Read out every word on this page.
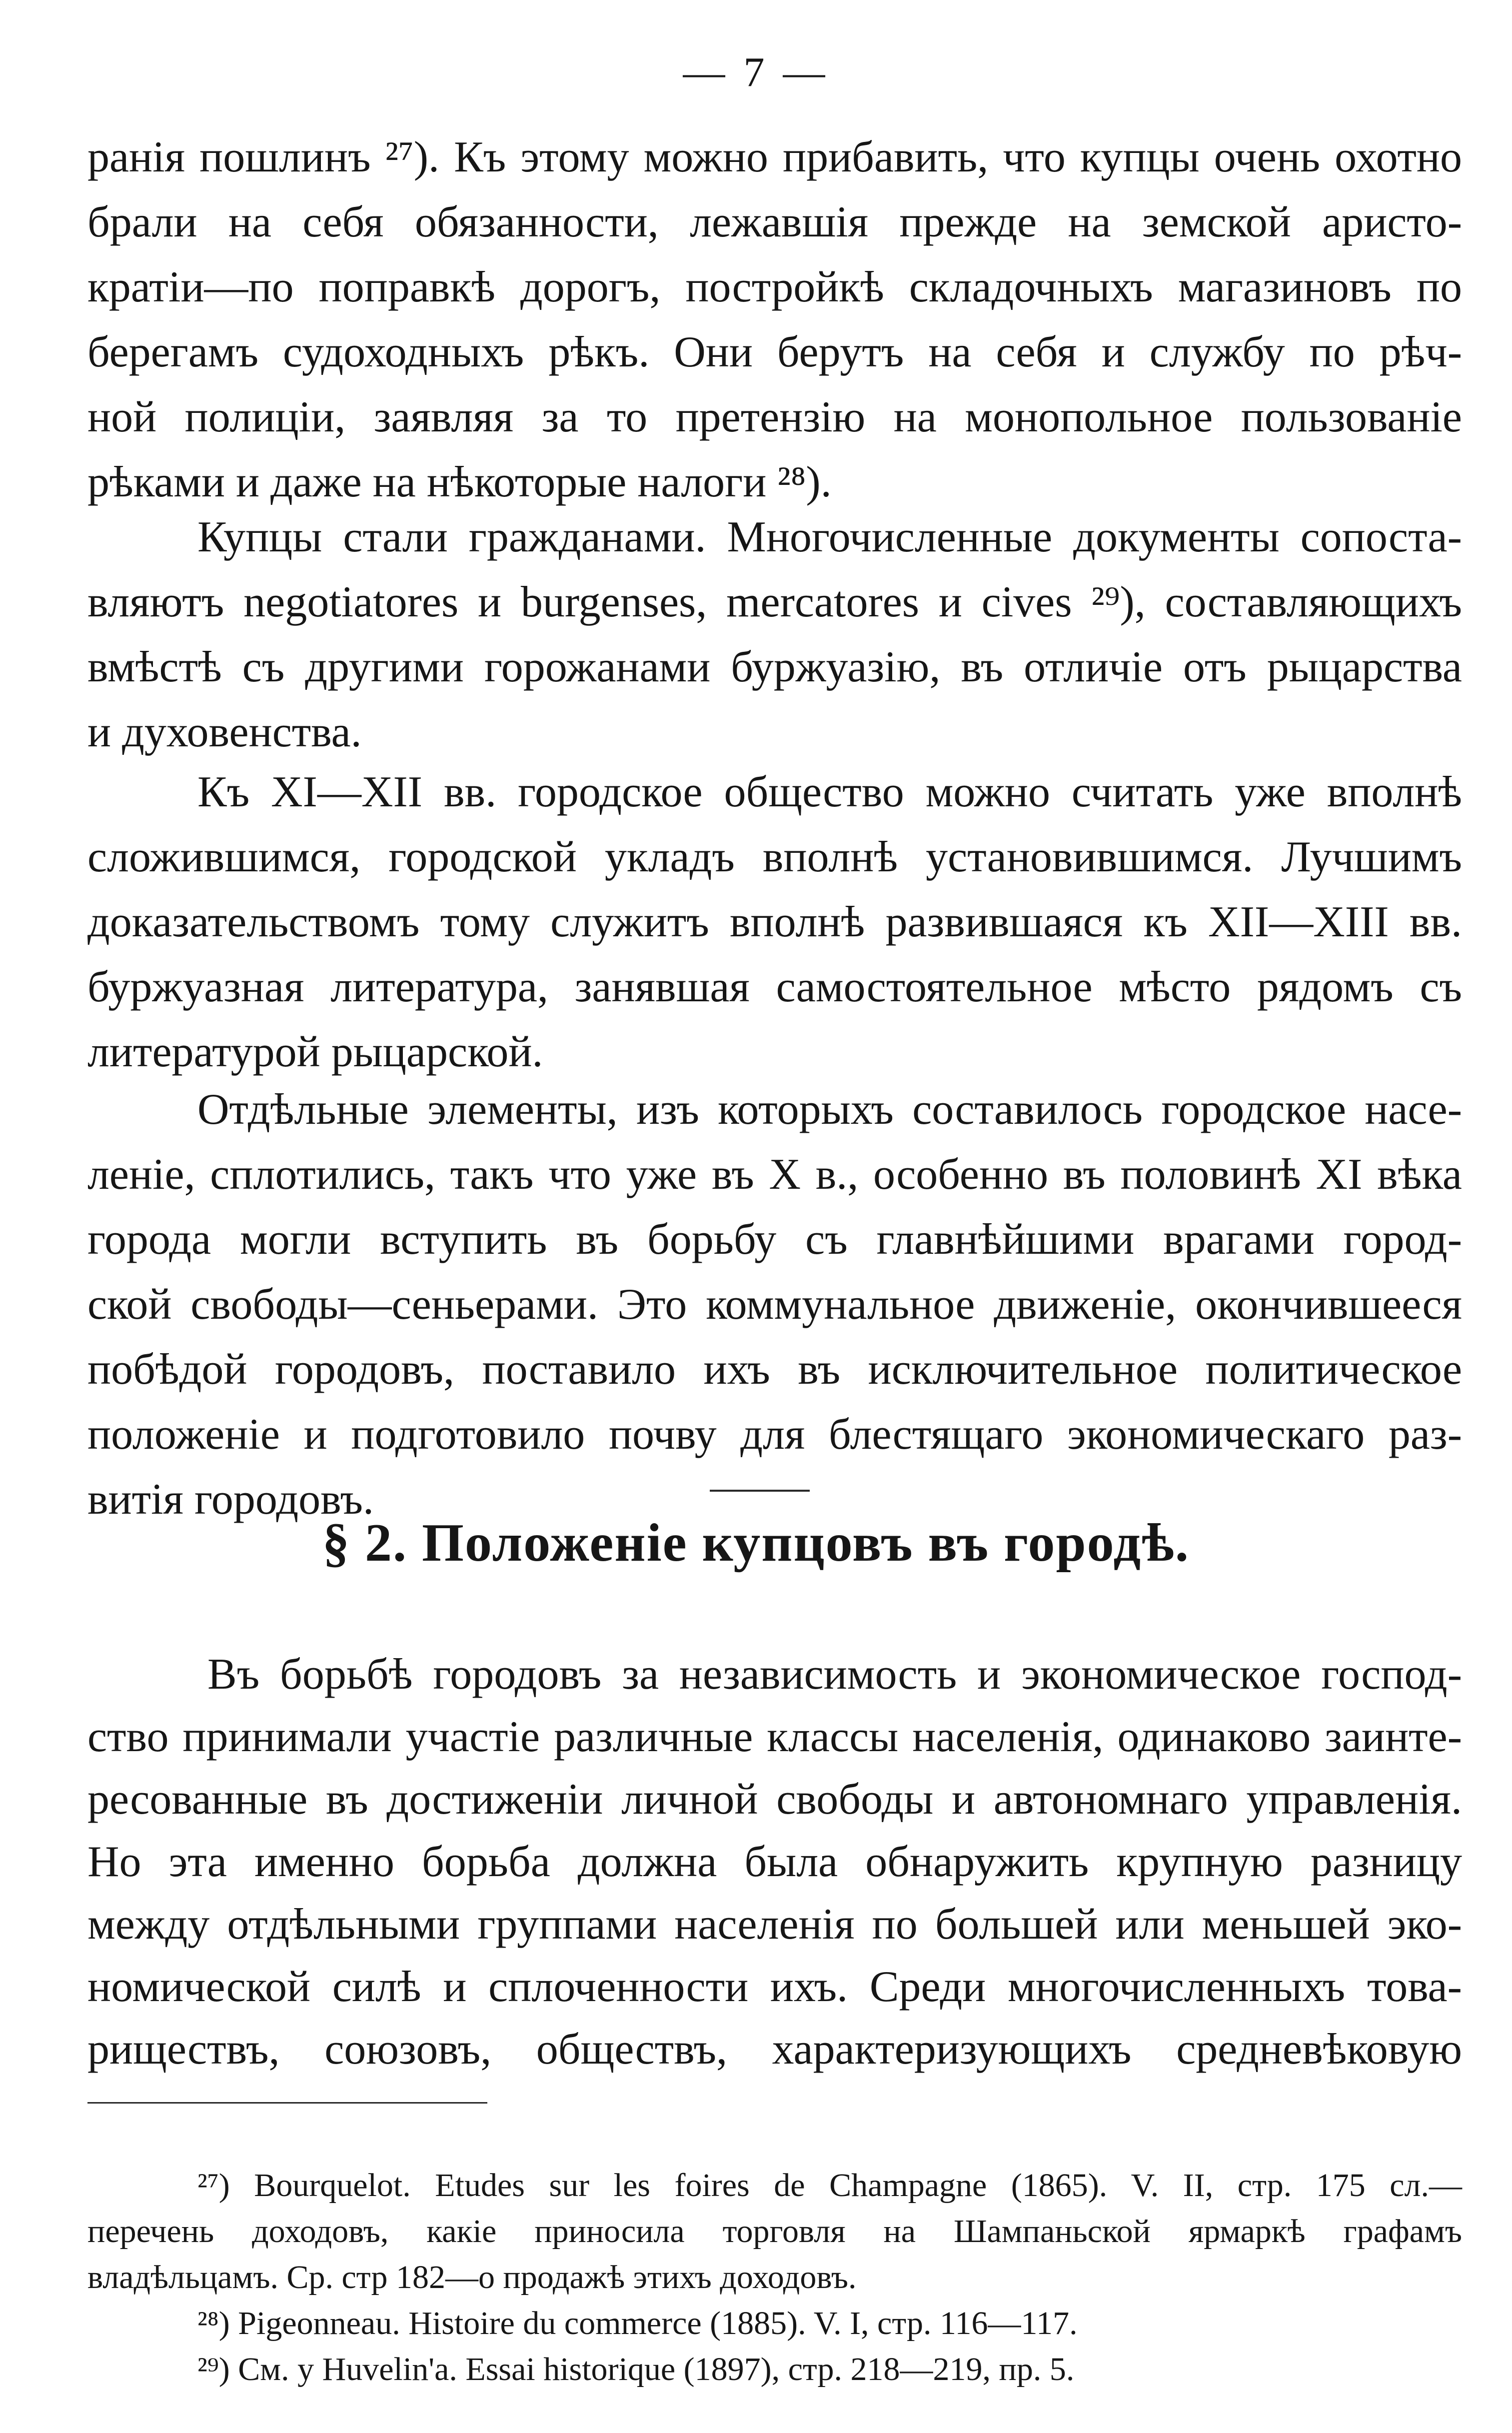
— 7 —
ранія пошлинъ ²⁷). Къ этому можно прибавить, что купцы очень охотно
брали на себя обязанности, лежавшія прежде на земской аристо-
кратіи—по поправкѣ дорогъ, постройкѣ складочныхъ магазиновъ по
берегамъ судоходныхъ рѣкъ. Они берутъ на себя и службу по рѣч-
ной полиціи, заявляя за то претензію на монопольное пользованіе
рѣками и даже на нѣкоторые налоги ²⁸).
Купцы стали гражданами. Многочисленные документы сопоста-
вляютъ negotiatores и burgenses, mercatores и cives ²⁹), составляющихъ
вмѣстѣ съ другими горожанами буржуазію, въ отличіе отъ рыцарства
и духовенства.
Къ XI—XII вв. городское общество можно считать уже вполнѣ
сложившимся, городской укладъ вполнѣ установившимся. Лучшимъ
доказательствомъ тому служитъ вполнѣ развившаяся къ XII—XIII вв.
буржуазная литература, занявшая самостоятельное мѣсто рядомъ съ
литературой рыцарской.
Отдѣльные элементы, изъ которыхъ составилось городское насе-
леніе, сплотились, такъ что уже въ X в., особенно въ половинѣ XI вѣка
города могли вступить въ борьбу съ главнѣйшими врагами город-
ской свободы—сеньерами. Это коммунальное движеніе, окончившееся
побѣдой городовъ, поставило ихъ въ исключительное политическое
положеніе и подготовило почву для блестящаго экономическаго раз-
витія городовъ.
§ 2. Положеніе купцовъ въ городѣ.
Въ борьбѣ городовъ за независимость и экономическое господ-
ство принимали участіе различные классы населенія, одинаково заинте-
ресованные въ достиженіи личной свободы и автономнаго управленія.
Но эта именно борьба должна была обнаружить крупную разницу
между отдѣльными группами населенія по большей или меньшей эко-
номической силѣ и сплоченности ихъ. Среди многочисленныхъ това-
риществъ, союзовъ, обществъ, характеризующихъ средневѣковую
²⁷) Bourquelot. Etudes sur les foires de Champagne (1865). V. II, стр. 175 сл.—
перечень доходовъ, какіе приносила торговля на Шампаньской ярмаркѣ графамъ
владѣльцамъ. Ср. стр 182—о продажѣ этихъ доходовъ.
²⁸) Pigeonneau. Histoire du commerce (1885). V. I, стр. 116—117.
²⁹) См. у Huvelin'a. Essai historique (1897), стр. 218—219, пр. 5.
